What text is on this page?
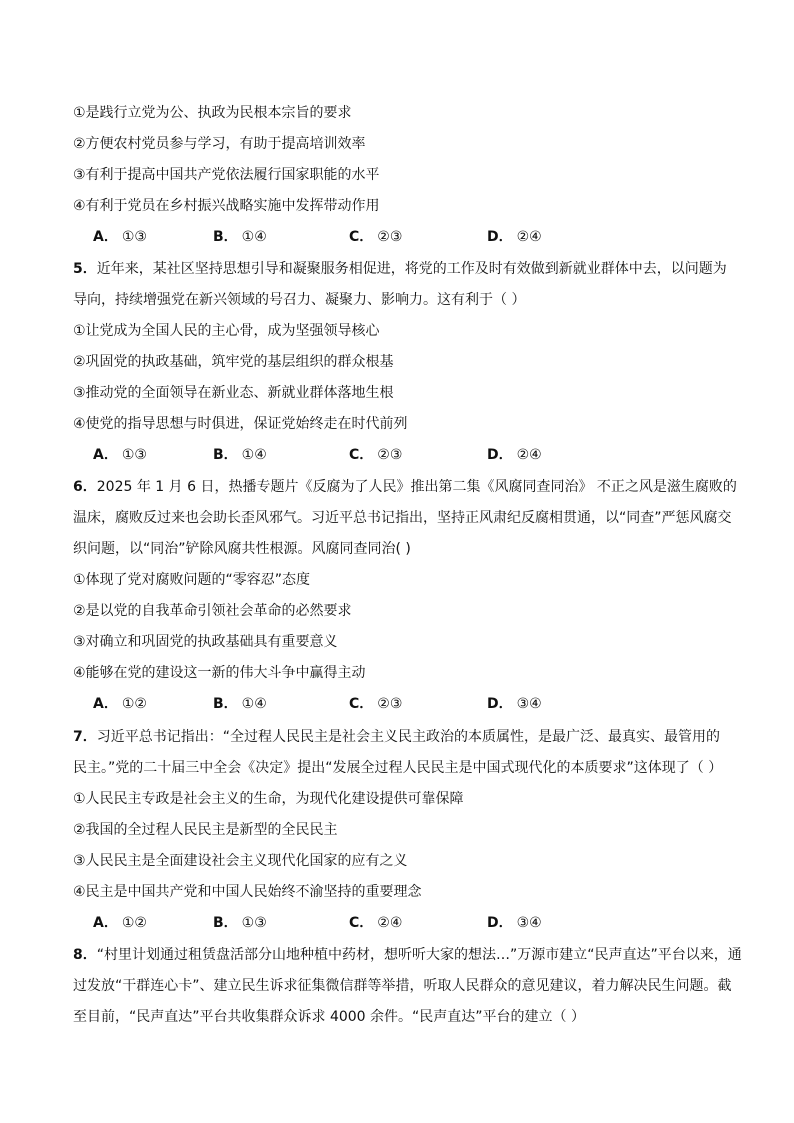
①是践行立党为公、执政为民根本宗旨的要求
②方便农村党员参与学习，有助于提高培训效率
③有利于提高中国共产党依法履行国家职能的水平
④有利于党员在乡村振兴战略实施中发挥带动作用
A． ①③	B． ①④	C． ②③	D． ②④
5．近年来，某社区坚持思想引导和凝聚服务相促进，将党的工作及时有效做到新就业群体中去，以问题为
导向，持续增强党在新兴领域的号召力、凝聚力、影响力。这有利于（ ）
①让党成为全国人民的主心骨，成为坚强领导核心
②巩固党的执政基础，筑牢党的基层组织的群众根基
③推动党的全面领导在新业态、新就业群体落地生根
④使党的指导思想与时俱进，保证党始终走在时代前列
A． ①③	B． ①④	C． ②③	D． ②④
6．2025 年 1 月 6 日，热播专题片《反腐为了人民》推出第二集《风腐同查同治》 不正之风是滋生腐败的
温床，腐败反过来也会助长歪风邪气。习近平总书记指出，坚持正风肃纪反腐相贯通，以“同查”严惩风腐交
织问题，以“同治”铲除风腐共性根源。风腐同查同治( )
①体现了党对腐败问题的“零容忍”态度
②是以党的自我革命引领社会革命的必然要求
③对确立和巩固党的执政基础具有重要意义
④能够在党的建设这一新的伟大斗争中赢得主动
A． ①②	B． ①④	C． ②③	D． ③④
7．习近平总书记指出：“全过程人民民主是社会主义民主政治的本质属性，是最广泛、最真实、最管用的
民主。”党的二十届三中全会《决定》提出“发展全过程人民民主是中国式现代化的本质要求”这体现了（ ）
①人民民主专政是社会主义的生命，为现代化建设提供可靠保障
②我国的全过程人民民主是新型的全民民主
③人民民主是全面建设社会主义现代化国家的应有之义
④民主是中国共产党和中国人民始终不渝坚持的重要理念
A． ①②	B． ①③	C． ②④	D． ③④
8．“村里计划通过租赁盘活部分山地种植中药材，想听听大家的想法…”万源市建立“民声直达”平台以来，通
过发放“干群连心卡”、建立民生诉求征集微信群等举措，听取人民群众的意见建议，着力解决民生问题。截
至目前，“民声直达”平台共收集群众诉求 4000 余件。“民声直达”平台的建立（ ）
